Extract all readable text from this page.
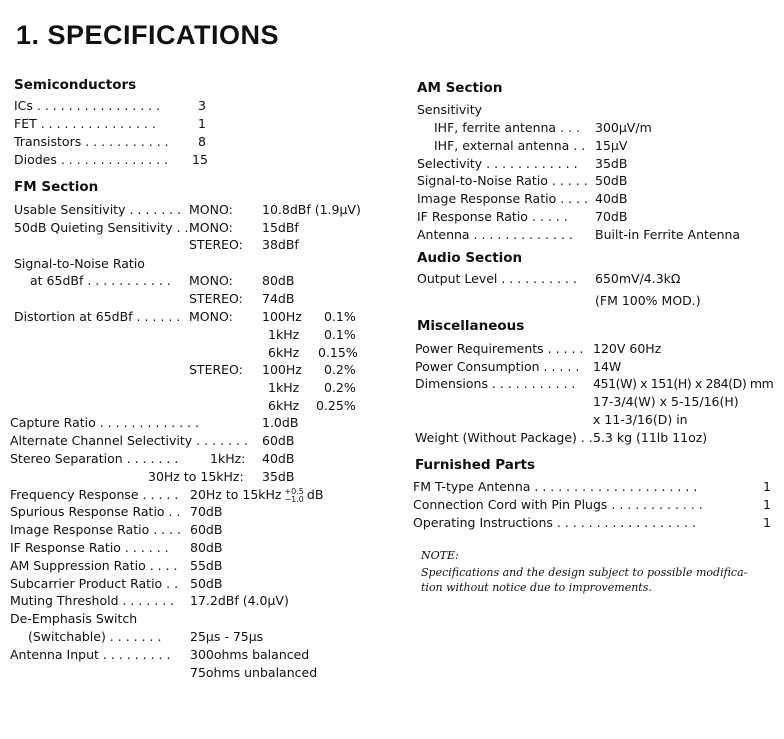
1. SPECIFICATIONS
Semiconductors
ICs . . . . . . . . . . . . . . . .	3
FET . . . . . . . . . . . . . . .	1
Transistors . . . . . . . . . . . 8
Diodes . . . . . . . . . . . . . . 15
FM Section
Usable Sensitivity . . . . . . . MONO: 10.8dBf (1.9μV)
50dB Quieting Sensitivity . . MONO: 15dBf
STEREO: 38dBf
Signal-to-Noise Ratio
at 65dBf . . . . . . . . . . . MONO: 80dB
STEREO: 74dB
Distortion at 65dBf . . . . . . MONO: 100Hz 0.1%
1kHz 0.1%
6kHz 0.15%
STEREO: 100Hz 0.2%
1kHz 0.2%
6kHz 0.25%
Capture Ratio . . . . . . . . . . . . .	1.0dB
Alternate Channel Selectivity . . . . . . . 60dB
Stereo Separation . . . . . . .	1kHz: 40dB
30Hz to 15kHz: 35dB
Frequency Response . . . . . 20Hz to 15kHz +0.5
−1.0 dB
Spurious Response Ratio . . 70dB
Image Response Ratio . . . . 60dB
IF Response Ratio . . . . . . 80dB
AM Suppression Ratio . . . . 55dB
Subcarrier Product Ratio . . 50dB
Muting Threshold . . . . . . . 17.2dBf (4.0μV)
De-Emphasis Switch
(Switchable) . . . . . . . 25μs - 75μs
Antenna Input . . . . . . . . . 300ohms balanced
75ohms unbalanced
AM Section
Sensitivity
IHF, ferrite antenna . . . 300μV/m
IHF, external antenna . . 15μV
Selectivity . . . . . . . . . . . . 35dB
Signal-to-Noise Ratio . . . . . 50dB
Image Response Ratio . . . . 40dB
IF Response Ratio . . . . . 70dB
Antenna . . . . . . . . . . . . . Built-in Ferrite Antenna
Audio Section
Output Level . . . . . . . . . . 650mV/4.3kΩ
(FM 100% MOD.)
Miscellaneous
Power Requirements . . . . . 120V 60Hz
Power Consumption . . . . . 14W
Dimensions . . . . . . . . . . . 451(W) x 151(H) x 284(D) mm
17-3/4(W) x 5-15/16(H)
x 11-3/16(D) in
Weight (Without Package) . . 5.3 kg (11lb 11oz)
Furnished Parts
FM T-type Antenna . . . . . . . . . . . . . . . . . . . . .	1
Connection Cord with Pin Plugs . . . . . . . . . . . .	1
Operating Instructions . . . . . . . . . . . . . . . . . .	1
NOTE:
Specifications and the design subject to possible modifica-
tion without notice due to improvements.
